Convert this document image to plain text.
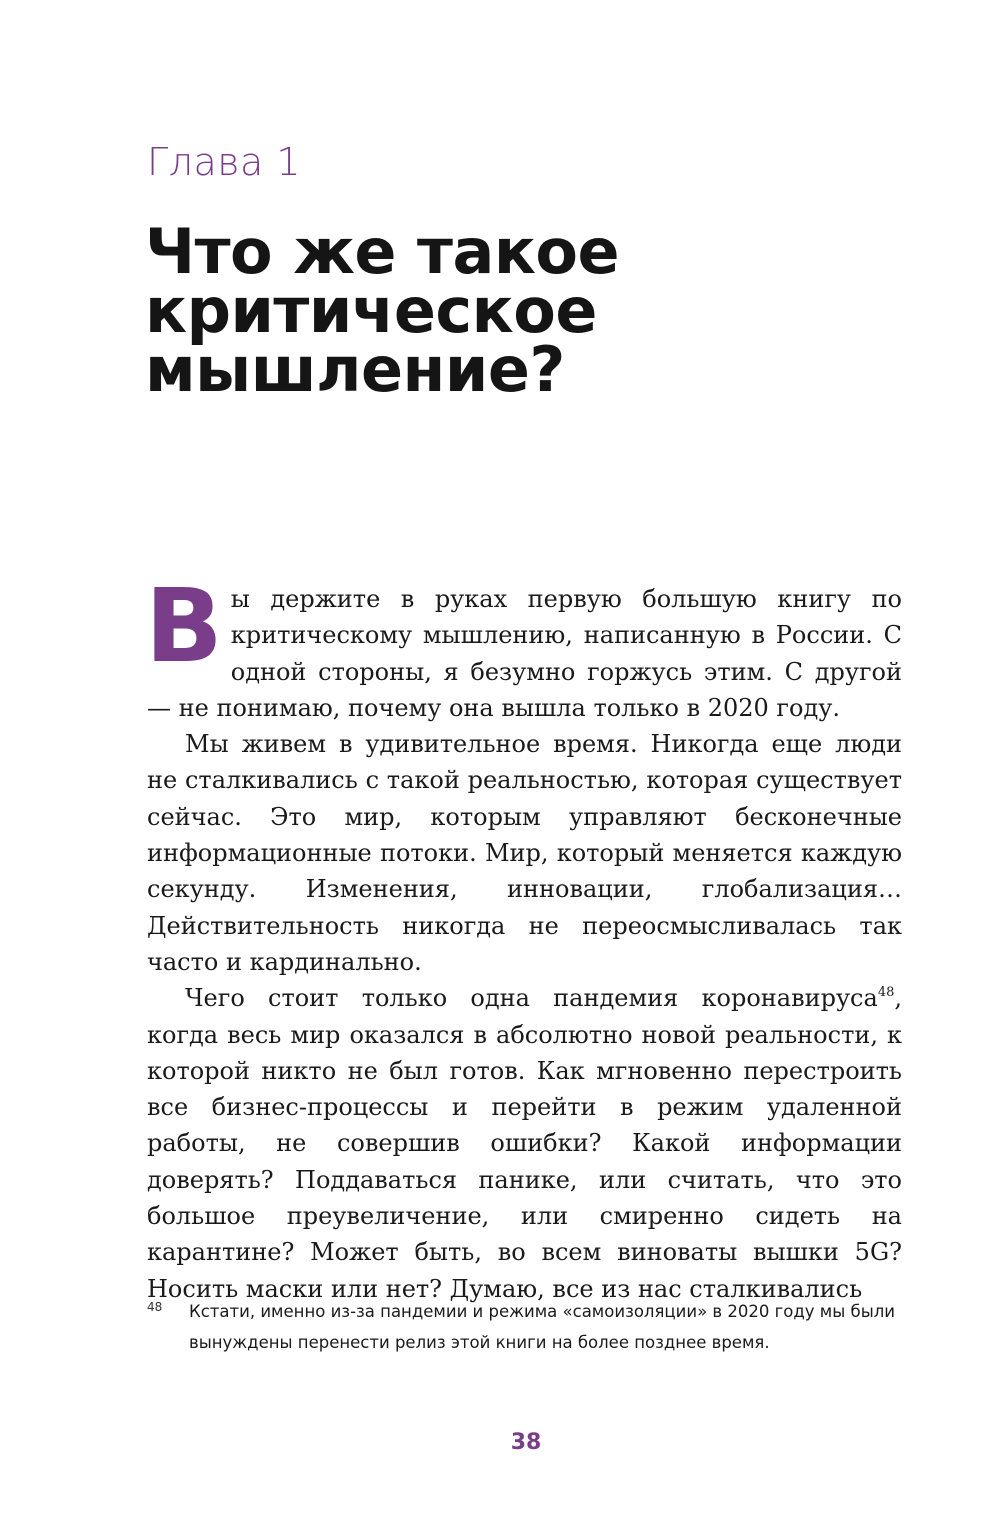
Глава 1
Что же такое
критическое
мышление?

Вы держите в руках первую большую книгу по критическому мышлению, написанную в России. С одной стороны, я безумно горжусь этим. С другой — не понимаю, почему она вышла только в 2020 году.

Мы живем в удивительное время. Никогда еще люди не сталкивались с такой реальностью, которая существует сейчас. Это мир, которым управляют бесконечные информационные потоки. Мир, который меняется каждую секунду. Изменения, инновации, глобализация… Действительность никогда не переосмысливалась так часто и кардинально.

Чего стоит только одна пандемия коронавируса$^{48}$, когда весь мир оказался в абсолютно новой реальности, к которой никто не был готов. Как мгновенно перестроить все бизнес-процессы и перейти в режим удаленной работы, не совершив ошибки? Какой информации доверять? Поддаваться панике, или считать, что это большое преувеличение, или смиренно сидеть на карантине? Может быть, во всем виноваты вышки 5G? Носить маски или нет? Думаю, все из нас сталкивались

48 Кстати, именно из-за пандемии и режима «самоизоляции» в 2020 году мы были вынуждены перенести релиз этой книги на более позднее время.
38
